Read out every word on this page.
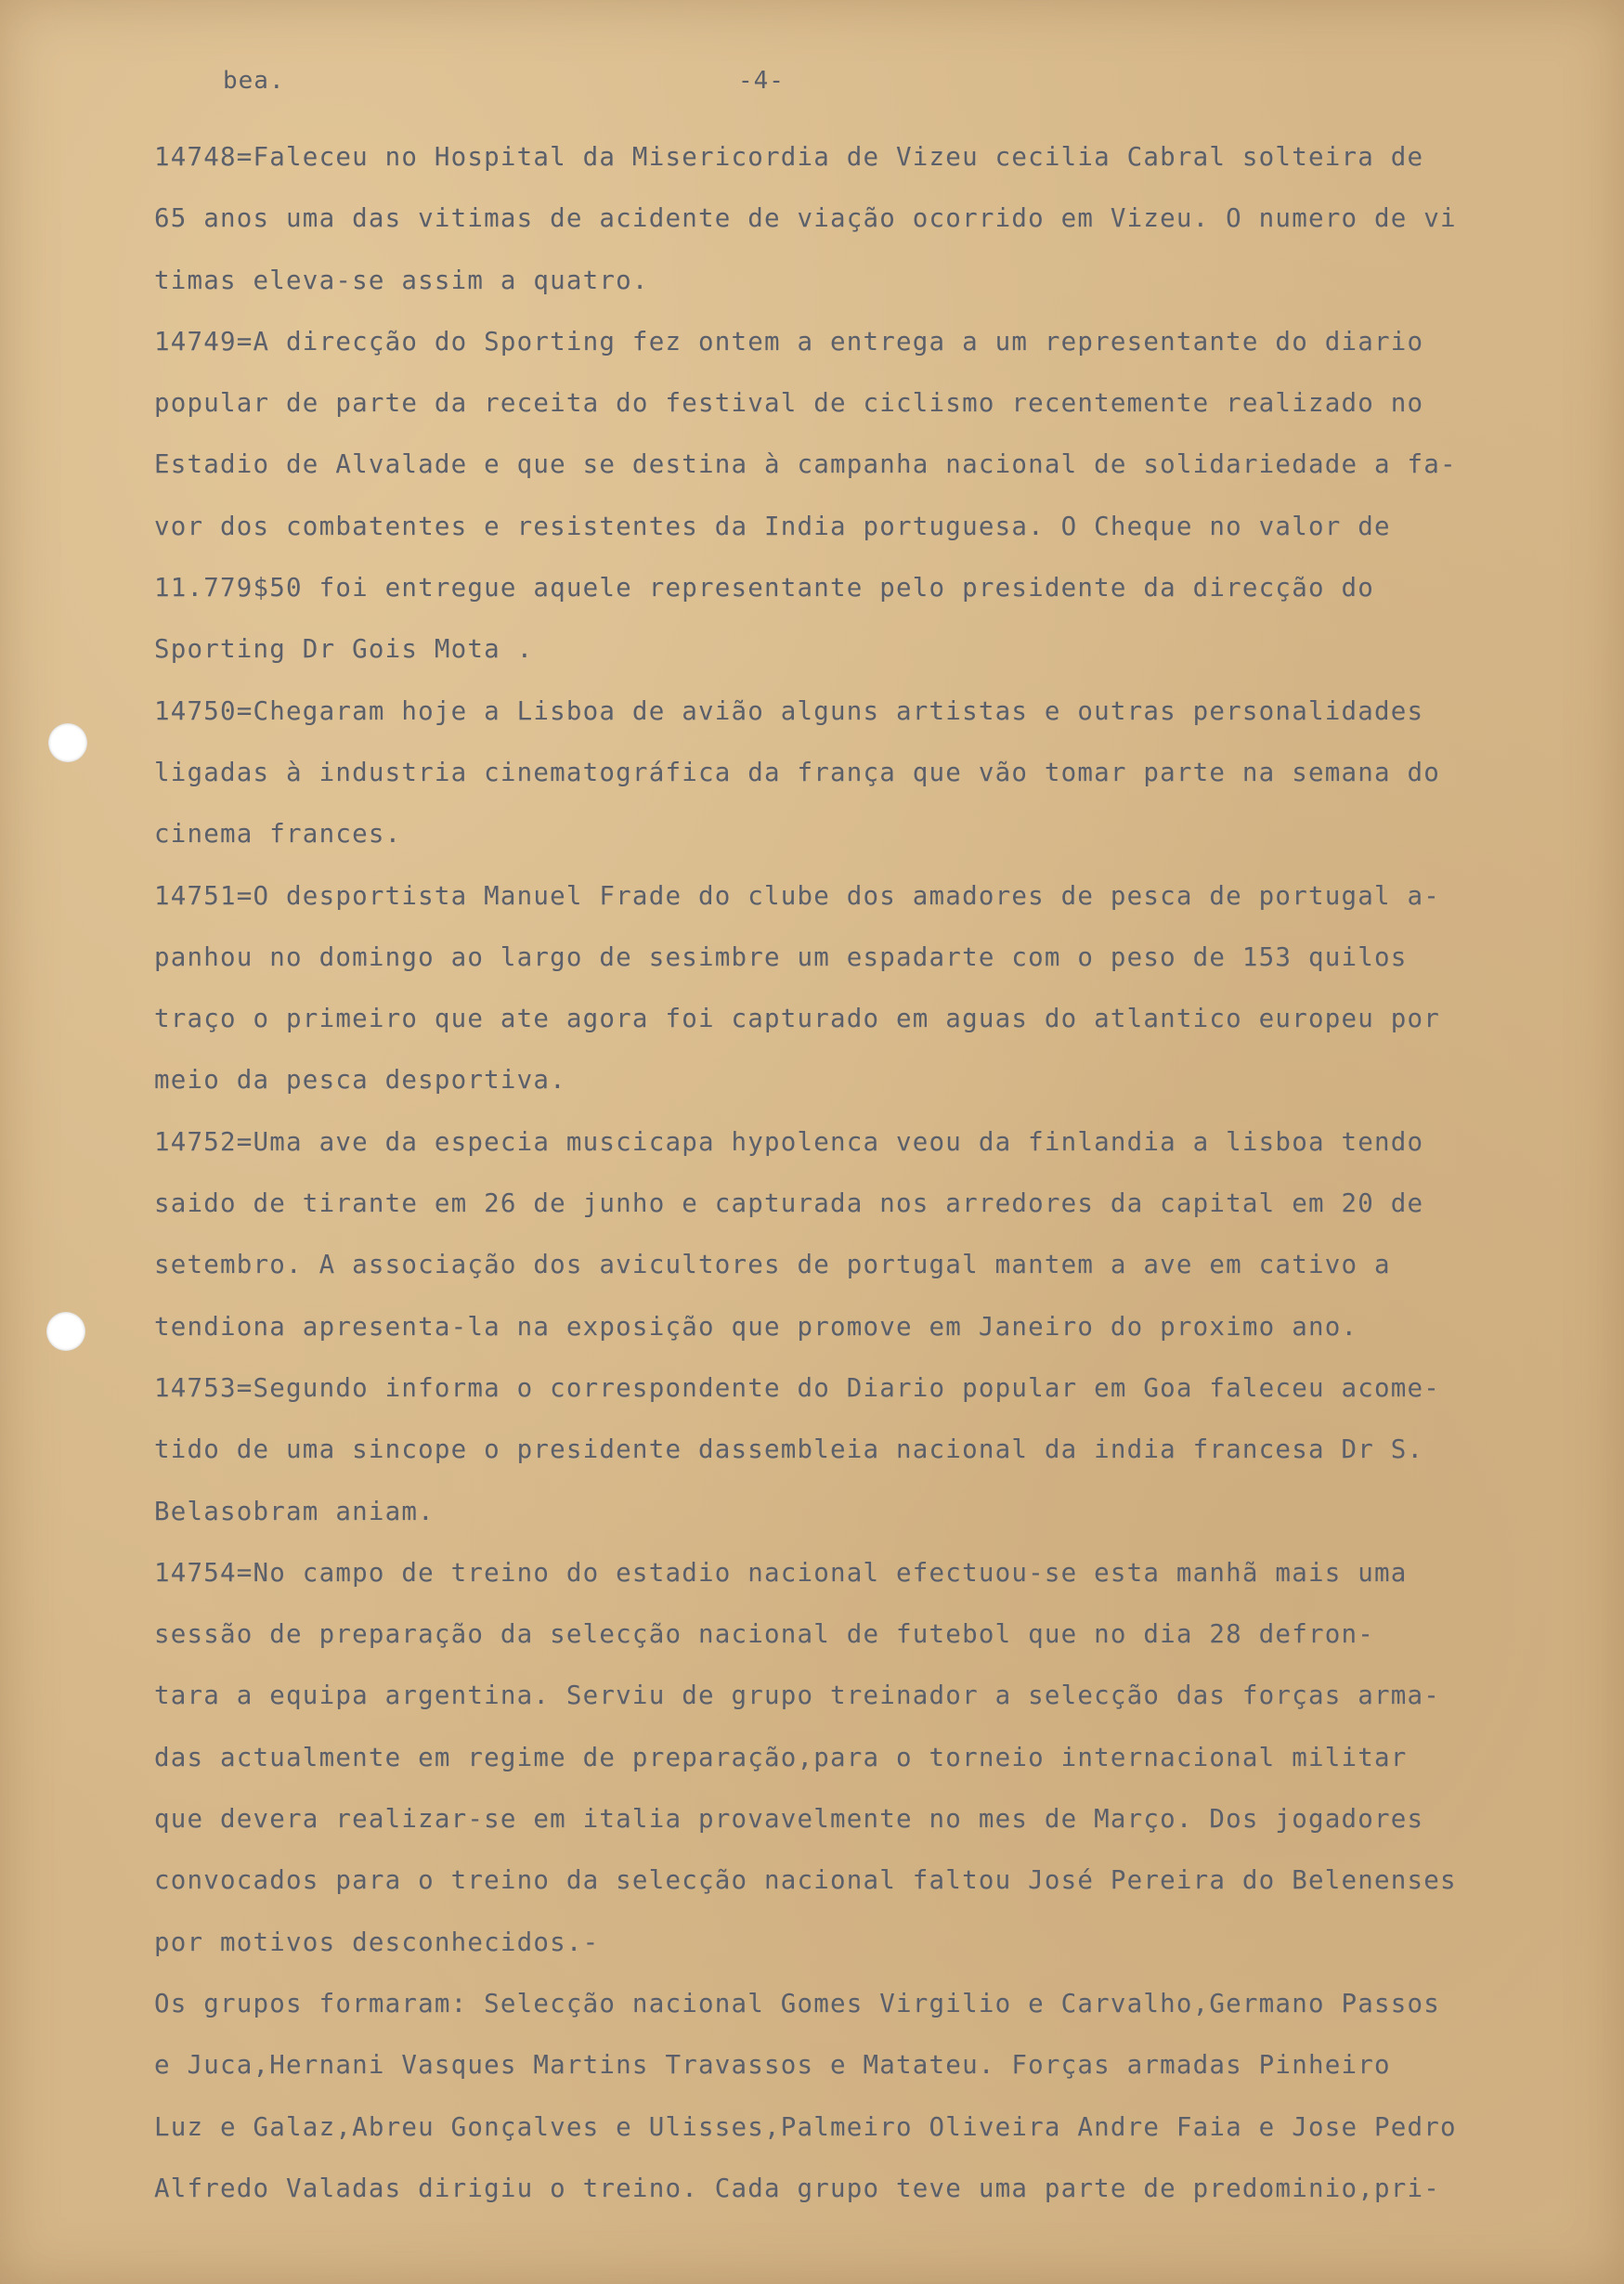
bea.	-4-
14748=Faleceu no Hospital da Misericordia de Vizeu cecilia Cabral solteira de
65 anos uma das vitimas de acidente de viação ocorrido em Vizeu. O numero de vi
timas eleva-se assim a quatro.
14749=A direcção do Sporting fez ontem a entrega a um representante do diario
popular de parte da receita do festival de ciclismo recentemente realizado no
Estadio de Alvalade e que se destina à campanha nacional de solidariedade a fa-
vor dos combatentes e resistentes da India portuguesa. O Cheque no valor de
11.779$50 foi entregue aquele representante pelo presidente da direcção do
Sporting Dr Gois Mota .
14750=Chegaram hoje a Lisboa de avião alguns artistas e outras personalidades
ligadas à industria cinematográfica da frança que vão tomar parte na semana do
cinema frances.
14751=O desportista Manuel Frade do clube dos amadores de pesca de portugal a-
panhou no domingo ao largo de sesimbre um espadarte com o peso de 153 quilos
traço o primeiro que ate agora foi capturado em aguas do atlantico europeu por
meio da pesca desportiva.
14752=Uma ave da especia muscicapa hypolenca veou da finlandia a lisboa tendo
saido de tirante em 26 de junho e capturada nos arredores da capital em 20 de
setembro. A associação dos avicultores de portugal mantem a ave em cativo a
tendiona apresenta-la na exposição que promove em Janeiro do proximo ano.
14753=Segundo informa o correspondente do Diario popular em Goa faleceu acome-
tido de uma sincope o presidente dassembleia nacional da india francesa Dr S.
Belasobram aniam.
14754=No campo de treino do estadio nacional efectuou-se esta manhã mais uma
sessão de preparação da selecção nacional de futebol que no dia 28 defron-
tara a equipa argentina. Serviu de grupo treinador a selecção das forças arma-
das actualmente em regime de preparação,para o torneio internacional militar
que devera realizar-se em italia provavelmente no mes de Março. Dos jogadores
convocados para o treino da selecção nacional faltou José Pereira do Belenenses
por motivos desconhecidos.-
Os grupos formaram: Selecção nacional Gomes Virgilio e Carvalho,Germano Passos
e Juca,Hernani Vasques Martins Travassos e Matateu. Forças armadas Pinheiro
Luz e Galaz,Abreu Gonçalves e Ulisses,Palmeiro Oliveira Andre Faia e Jose Pedro
Alfredo Valadas dirigiu o treino. Cada grupo teve uma parte de predominio,pri-
